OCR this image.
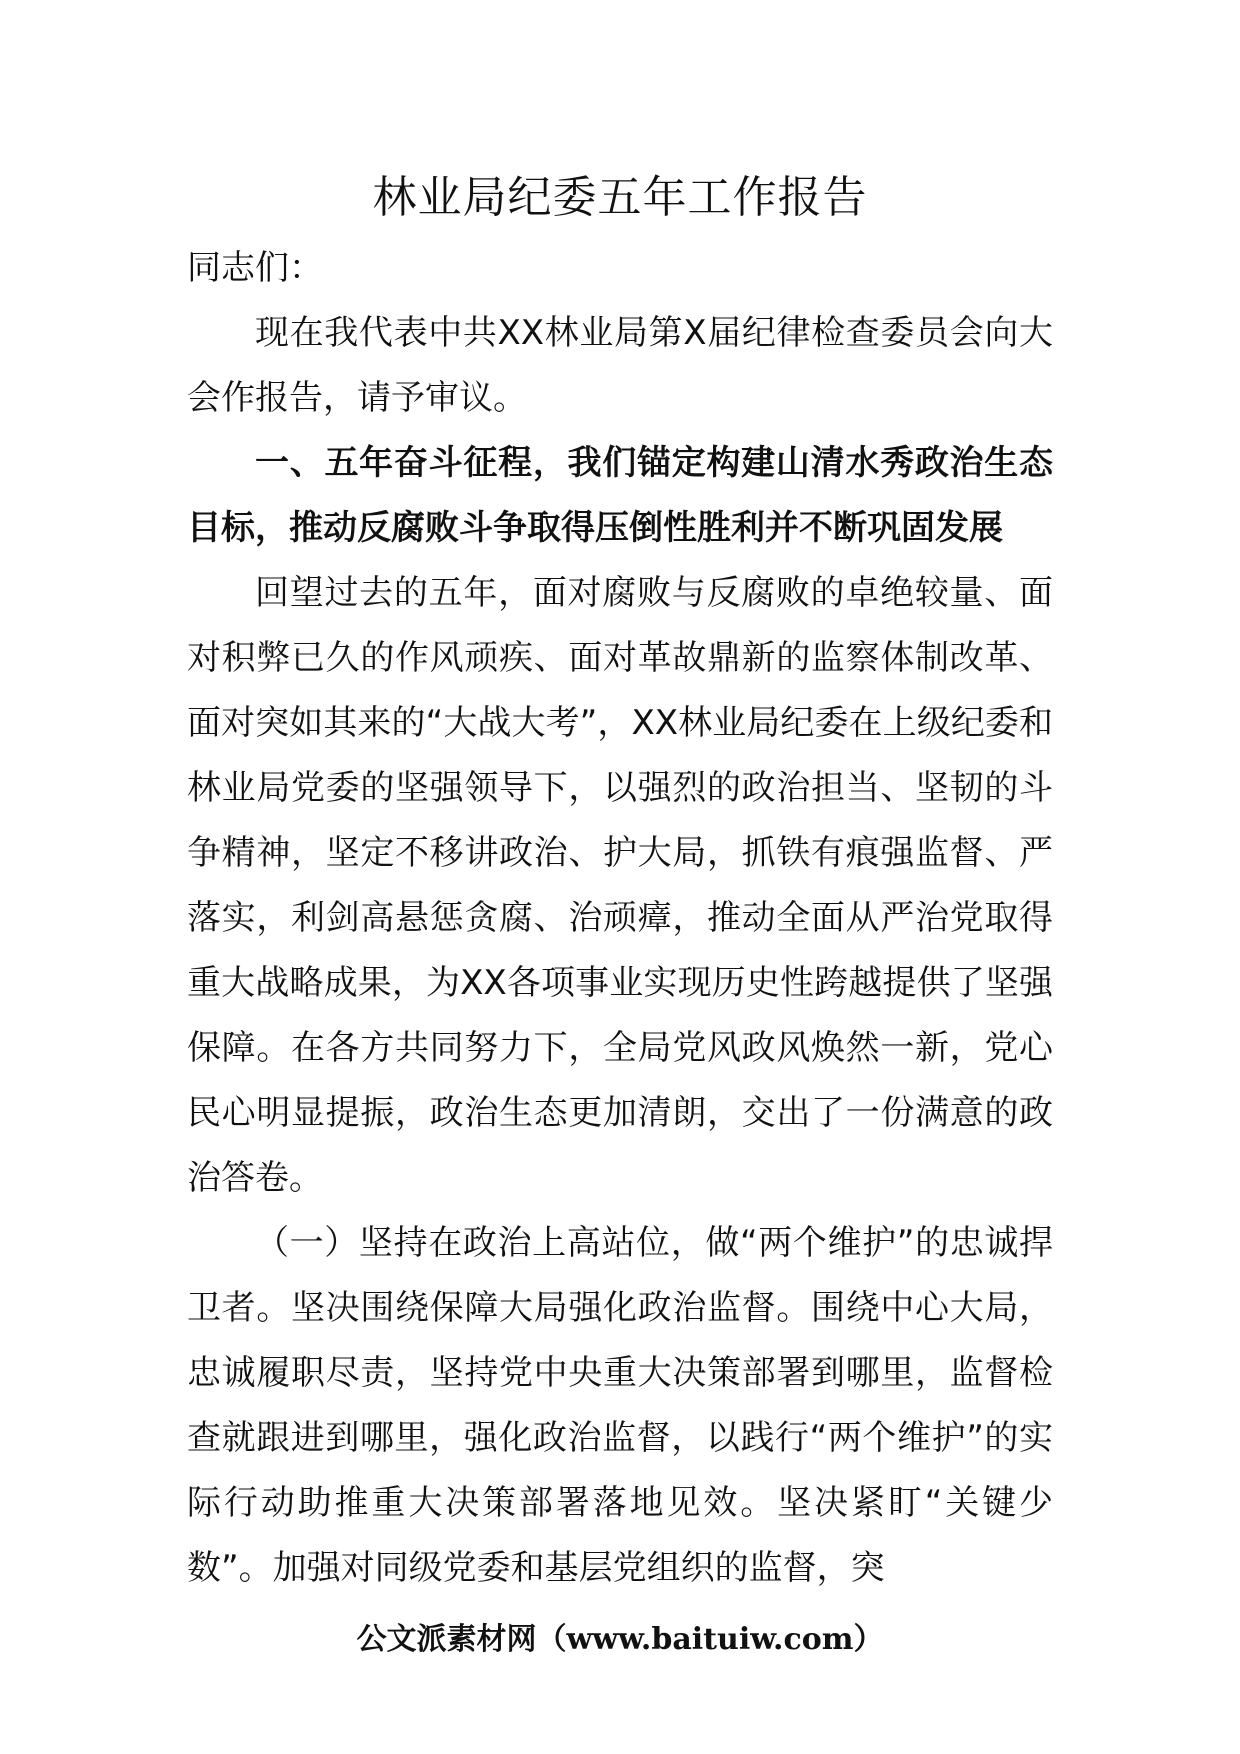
林业局纪委五年工作报告

同志们：

现在我代表中共XX林业局第X届纪律检查委员会向大会作报告，请予审议。

一、五年奋斗征程，我们锚定构建山清水秀政治生态目标，推动反腐败斗争取得压倒性胜利并不断巩固发展

回望过去的五年，面对腐败与反腐败的卓绝较量、面对积弊已久的作风顽疾、面对革故鼎新的监察体制改革、面对突如其来的“大战大考”，XX林业局纪委在上级纪委和林业局党委的坚强领导下，以强烈的政治担当、坚韧的斗争精神，坚定不移讲政治、护大局，抓铁有痕强监督、严落实，利剑高悬惩贪腐、治顽瘴，推动全面从严治党取得重大战略成果，为XX各项事业实现历史性跨越提供了坚强保障。在各方共同努力下，全局党风政风焕然一新，党心民心明显提振，政治生态更加清朗，交出了一份满意的政治答卷。

（一）坚持在政治上高站位，做“两个维护”的忠诚捍卫者。坚决围绕保障大局强化政治监督。围绕中心大局，忠诚履职尽责，坚持党中央重大决策部署到哪里，监督检查就跟进到哪里，强化政治监督，以践行“两个维护”的实际行动助推重大决策部署落地见效。坚决紧盯“关键少数”。加强对同级党委和基层党组织的监督，突

公文派素材网（www.baituiw.com）
